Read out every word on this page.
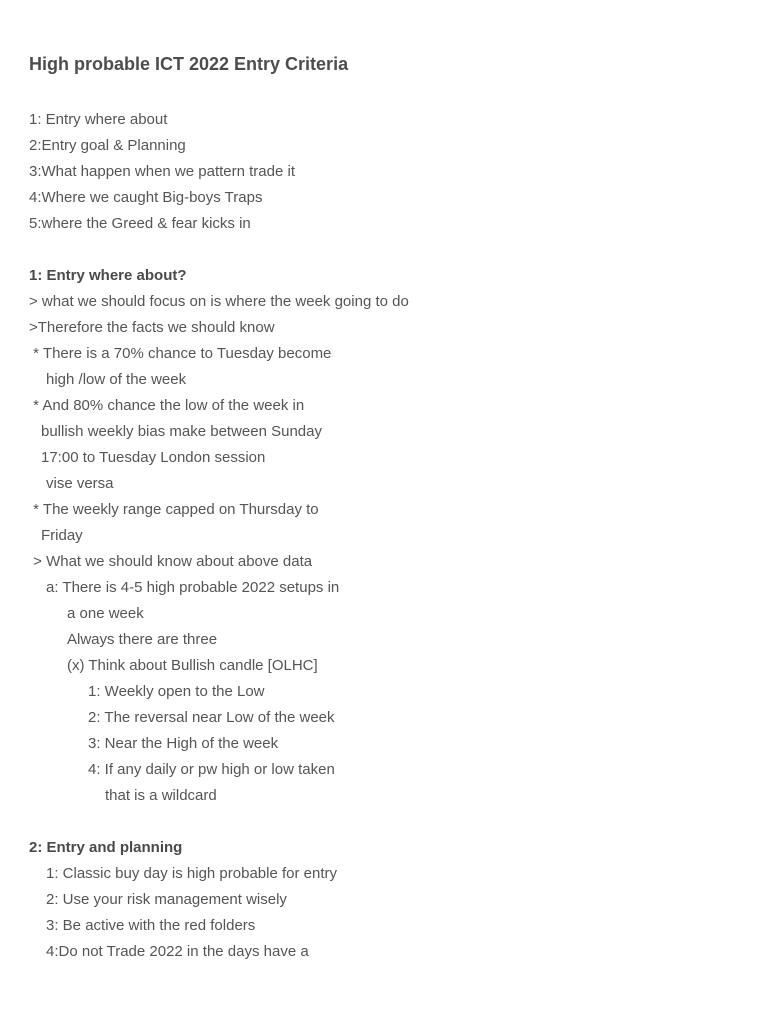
High probable ICT 2022 Entry Criteria
1: Entry where about
2:Entry goal & Planning
3:What happen when we pattern trade it
4:Where we caught Big-boys Traps
5:where the Greed & fear kicks in
1: Entry where about?
> what we should focus on is where the week going to do
>Therefore the facts we should know
* There is a 70% chance to Tuesday become
high /low of the week
* And 80% chance the low of the week in
bullish weekly bias make between Sunday
17:00 to Tuesday London session
vise versa
* The weekly range capped on Thursday to
Friday
> What we should know about above data
a: There is 4-5 high probable 2022 setups in
a one week
Always there are three
(x) Think about Bullish candle [OLHC]
1: Weekly open to the Low
2: The reversal near Low of the week
3: Near the High of the week
4: If any daily or pw high or low taken
that is a wildcard
2: Entry and planning
1: Classic buy day is high probable for entry
2: Use your risk management wisely
3: Be active with the red folders
4:Do not Trade 2022 in the days have a
